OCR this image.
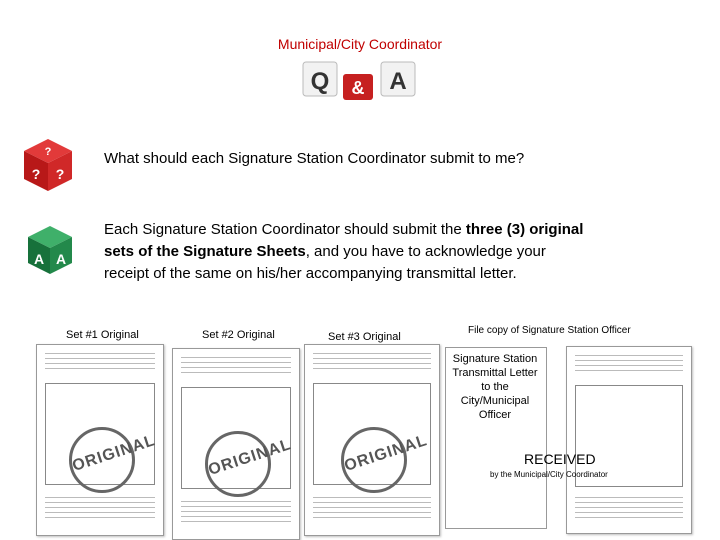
Municipal/City Coordinator
Q & A
?
? ?
A A
What should each Signature Station Coordinator submit to me?
Each Signature Station Coordinator should submit the three (3) original sets of the Signature Sheets, and you have to acknowledge your receipt of the same on his/her accompanying transmittal letter.
Set #1 Original	Set #2 Original	Set #3 Original
File copy of Signature Station Officer
ORIGINAL	ORIGINAL	ORIGINAL
Signature Station Transmittal Letter to the City/Municipal Officer
RECEIVED
by the Municipal/City Coordinator
